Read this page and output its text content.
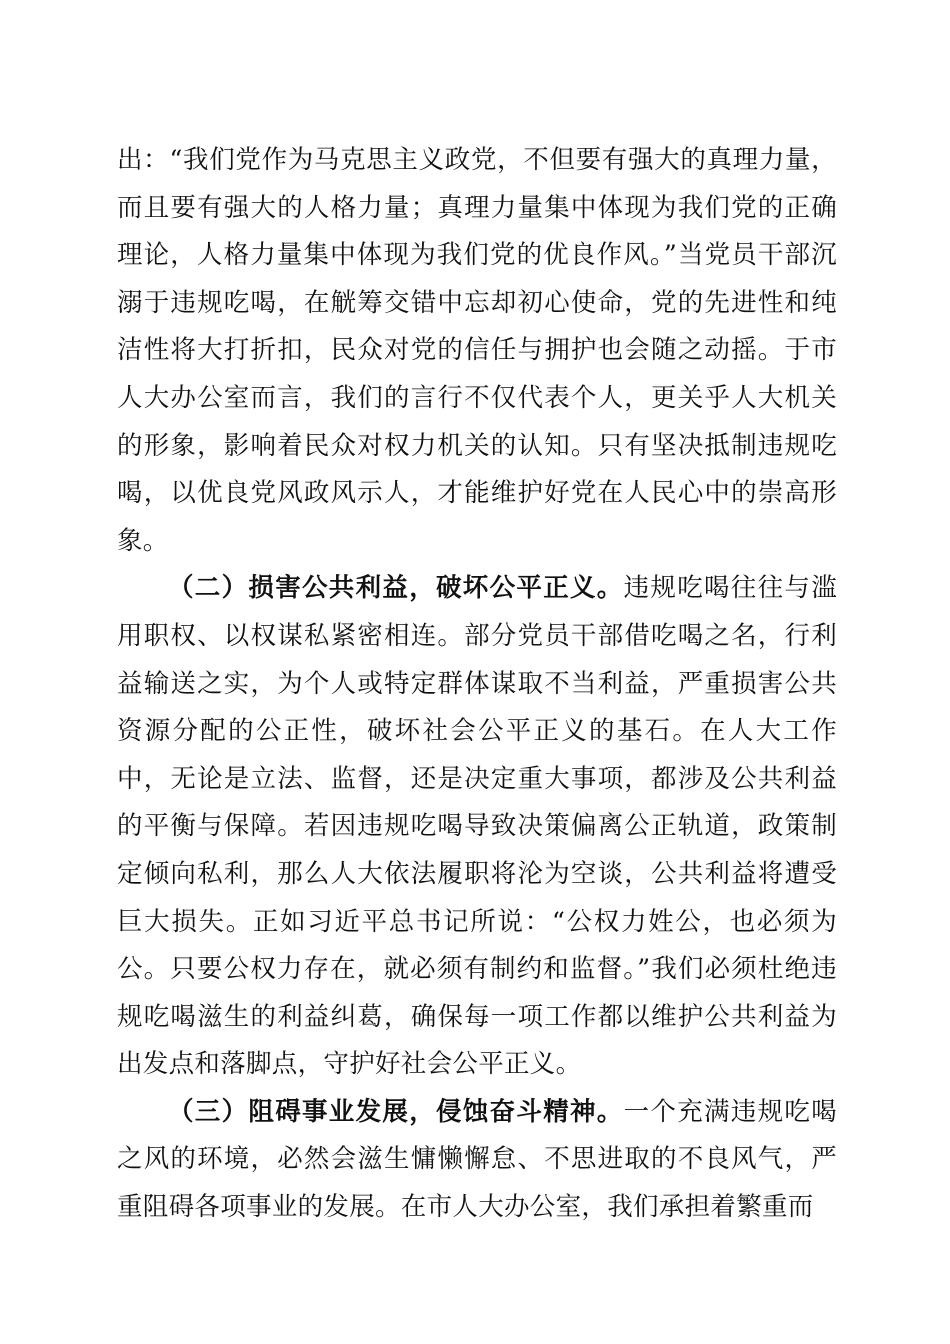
出：“我们党作为马克思主义政党，不但要有强大的真理力量，而且要有强大的人格力量；真理力量集中体现为我们党的正确理论，人格力量集中体现为我们党的优良作风。”当党员干部沉溺于违规吃喝，在觥筹交错中忘却初心使命，党的先进性和纯洁性将大打折扣，民众对党的信任与拥护也会随之动摇。于市人大办公室而言，我们的言行不仅代表个人，更关乎人大机关的形象，影响着民众对权力机关的认知。只有坚决抵制违规吃喝，以优良党风政风示人，才能维护好党在人民心中的崇高形象。

（二）损害公共利益，破坏公平正义。违规吃喝往往与滥用职权、以权谋私紧密相连。部分党员干部借吃喝之名，行利益输送之实，为个人或特定群体谋取不当利益，严重损害公共资源分配的公正性，破坏社会公平正义的基石。在人大工作中，无论是立法、监督，还是决定重大事项，都涉及公共利益的平衡与保障。若因违规吃喝导致决策偏离公正轨道，政策制定倾向私利，那么人大依法履职将沦为空谈，公共利益将遭受巨大损失。正如习近平总书记所说：“公权力姓公，也必须为公。只要公权力存在，就必须有制约和监督。”我们必须杜绝违规吃喝滋生的利益纠葛，确保每一项工作都以维护公共利益为出发点和落脚点，守护好社会公平正义。

（三）阻碍事业发展，侵蚀奋斗精神。一个充满违规吃喝之风的环境，必然会滋生慵懒懈怠、不思进取的不良风气，严重阻碍各项事业的发展。在市人大办公室，我们承担着繁重而
